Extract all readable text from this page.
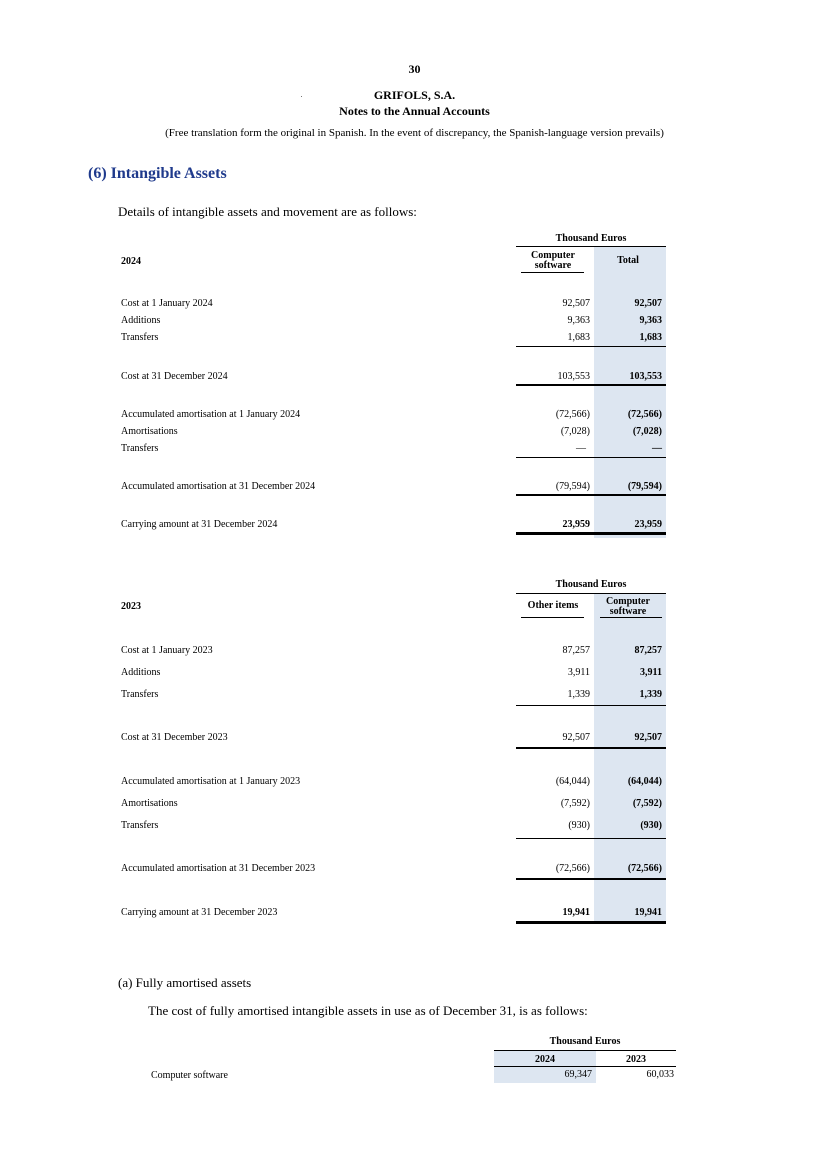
30
GRIFOLS, S.A.
Notes to the Annual Accounts
(Free translation form the original in Spanish. In the event of discrepancy, the Spanish-language version prevails)
(6) Intangible Assets
Details of intangible assets and movement are as follows:
Thousand Euros
2024
Computer
software	Total
Cost at 1 January 2024	92,507	92,507
Additions	9,363	9,363
Transfers	1,683	1,683
Cost at 31 December 2024	103,553	103,553
Accumulated amortisation at 1 January 2024	(72,566)	(72,566)
Amortisations	(7,028)	(7,028)
Transfers	—	—
Accumulated amortisation at 31 December 2024	(79,594)	(79,594)
Carrying amount at 31 December 2024	23,959	23,959
Thousand Euros
2023	Other items	Computer
software
Cost at 1 January 2023	87,257	87,257
Additions	3,911	3,911
Transfers	1,339	1,339
Cost at 31 December 2023	92,507	92,507
Accumulated amortisation at 1 January 2023	(64,044)	(64,044)
Amortisations	(7,592)	(7,592)
Transfers	(930)	(930)
Accumulated amortisation at 31 December 2023	(72,566)	(72,566)
Carrying amount at 31 December 2023	19,941	19,941
(a) Fully amortised assets
The cost of fully amortised intangible assets in use as of December 31, is as follows:
Thousand Euros
2024	2023
Computer software	69,347	60,033
